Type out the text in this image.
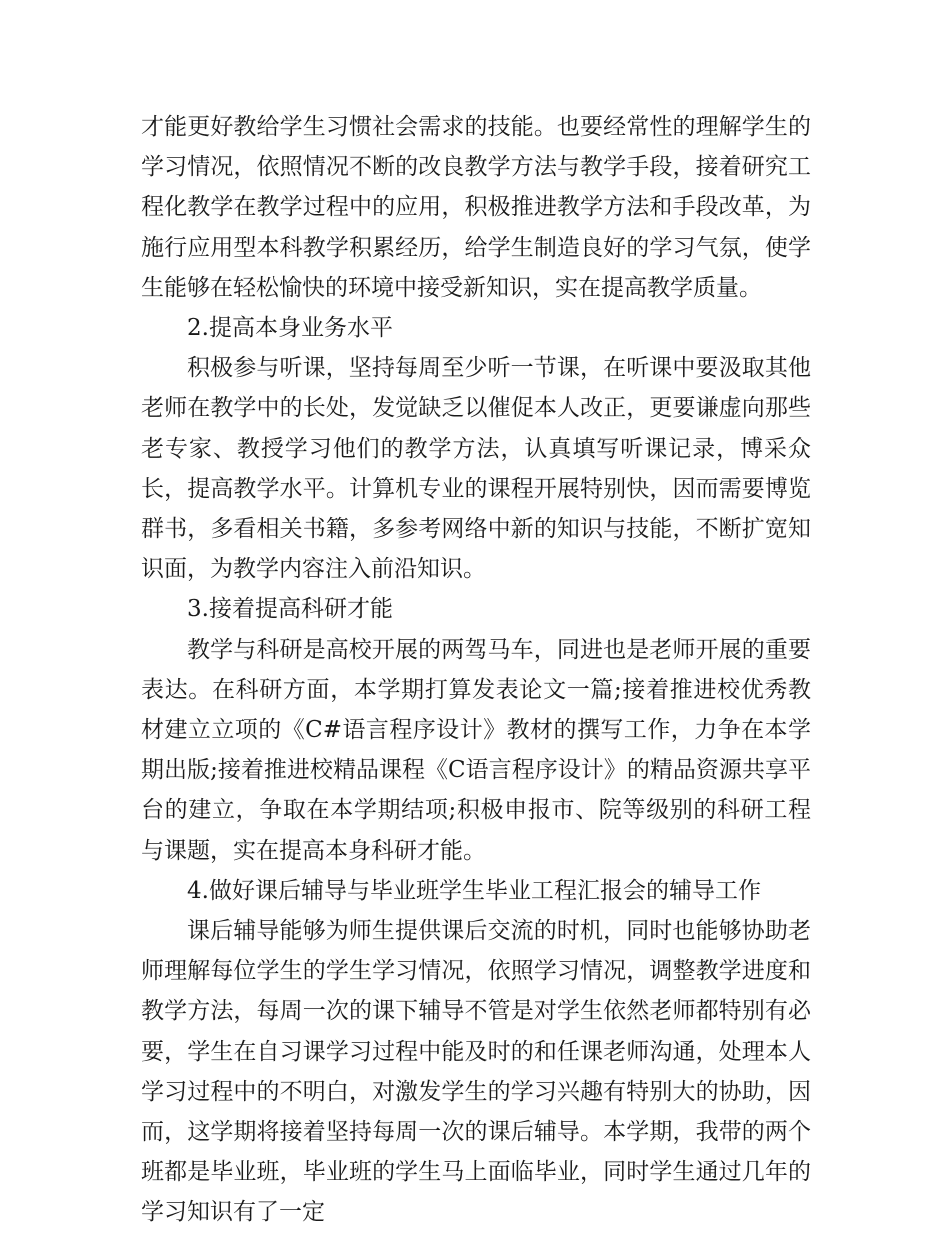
才能更好教给学生习惯社会需求的技能。也要经常性的理解学生的学习情况，依照情况不断的改良教学方法与教学手段，接着研究工程化教学在教学过程中的应用，积极推进教学方法和手段改革，为施行应用型本科教学积累经历，给学生制造良好的学习气氛，使学生能够在轻松愉快的环境中接受新知识，实在提高教学质量。

2.提高本身业务水平

积极参与听课，坚持每周至少听一节课，在听课中要汲取其他老师在教学中的长处，发觉缺乏以催促本人改正，更要谦虚向那些老专家、教授学习他们的教学方法，认真填写听课记录，博采众长，提高教学水平。计算机专业的课程开展特别快，因而需要博览群书，多看相关书籍，多参考网络中新的知识与技能，不断扩宽知识面，为教学内容注入前沿知识。

3.接着提高科研才能

教学与科研是高校开展的两驾马车，同进也是老师开展的重要表达。在科研方面，本学期打算发表论文一篇;接着推进校优秀教材建立立项的《C#语言程序设计》教材的撰写工作，力争在本学期出版;接着推进校精品课程《C语言程序设计》的精品资源共享平台的建立，争取在本学期结项;积极申报市、院等级别的科研工程与课题，实在提高本身科研才能。

4.做好课后辅导与毕业班学生毕业工程汇报会的辅导工作

课后辅导能够为师生提供课后交流的时机，同时也能够协助老师理解每位学生的学生学习情况，依照学习情况，调整教学进度和教学方法，每周一次的课下辅导不管是对学生依然老师都特别有必要，学生在自习课学习过程中能及时的和任课老师沟通，处理本人学习过程中的不明白，对激发学生的学习兴趣有特别大的协助，因而，这学期将接着坚持每周一次的课后辅导。本学期，我带的两个班都是毕业班，毕业班的学生马上面临毕业，同时学生通过几年的学习知识有了一定
